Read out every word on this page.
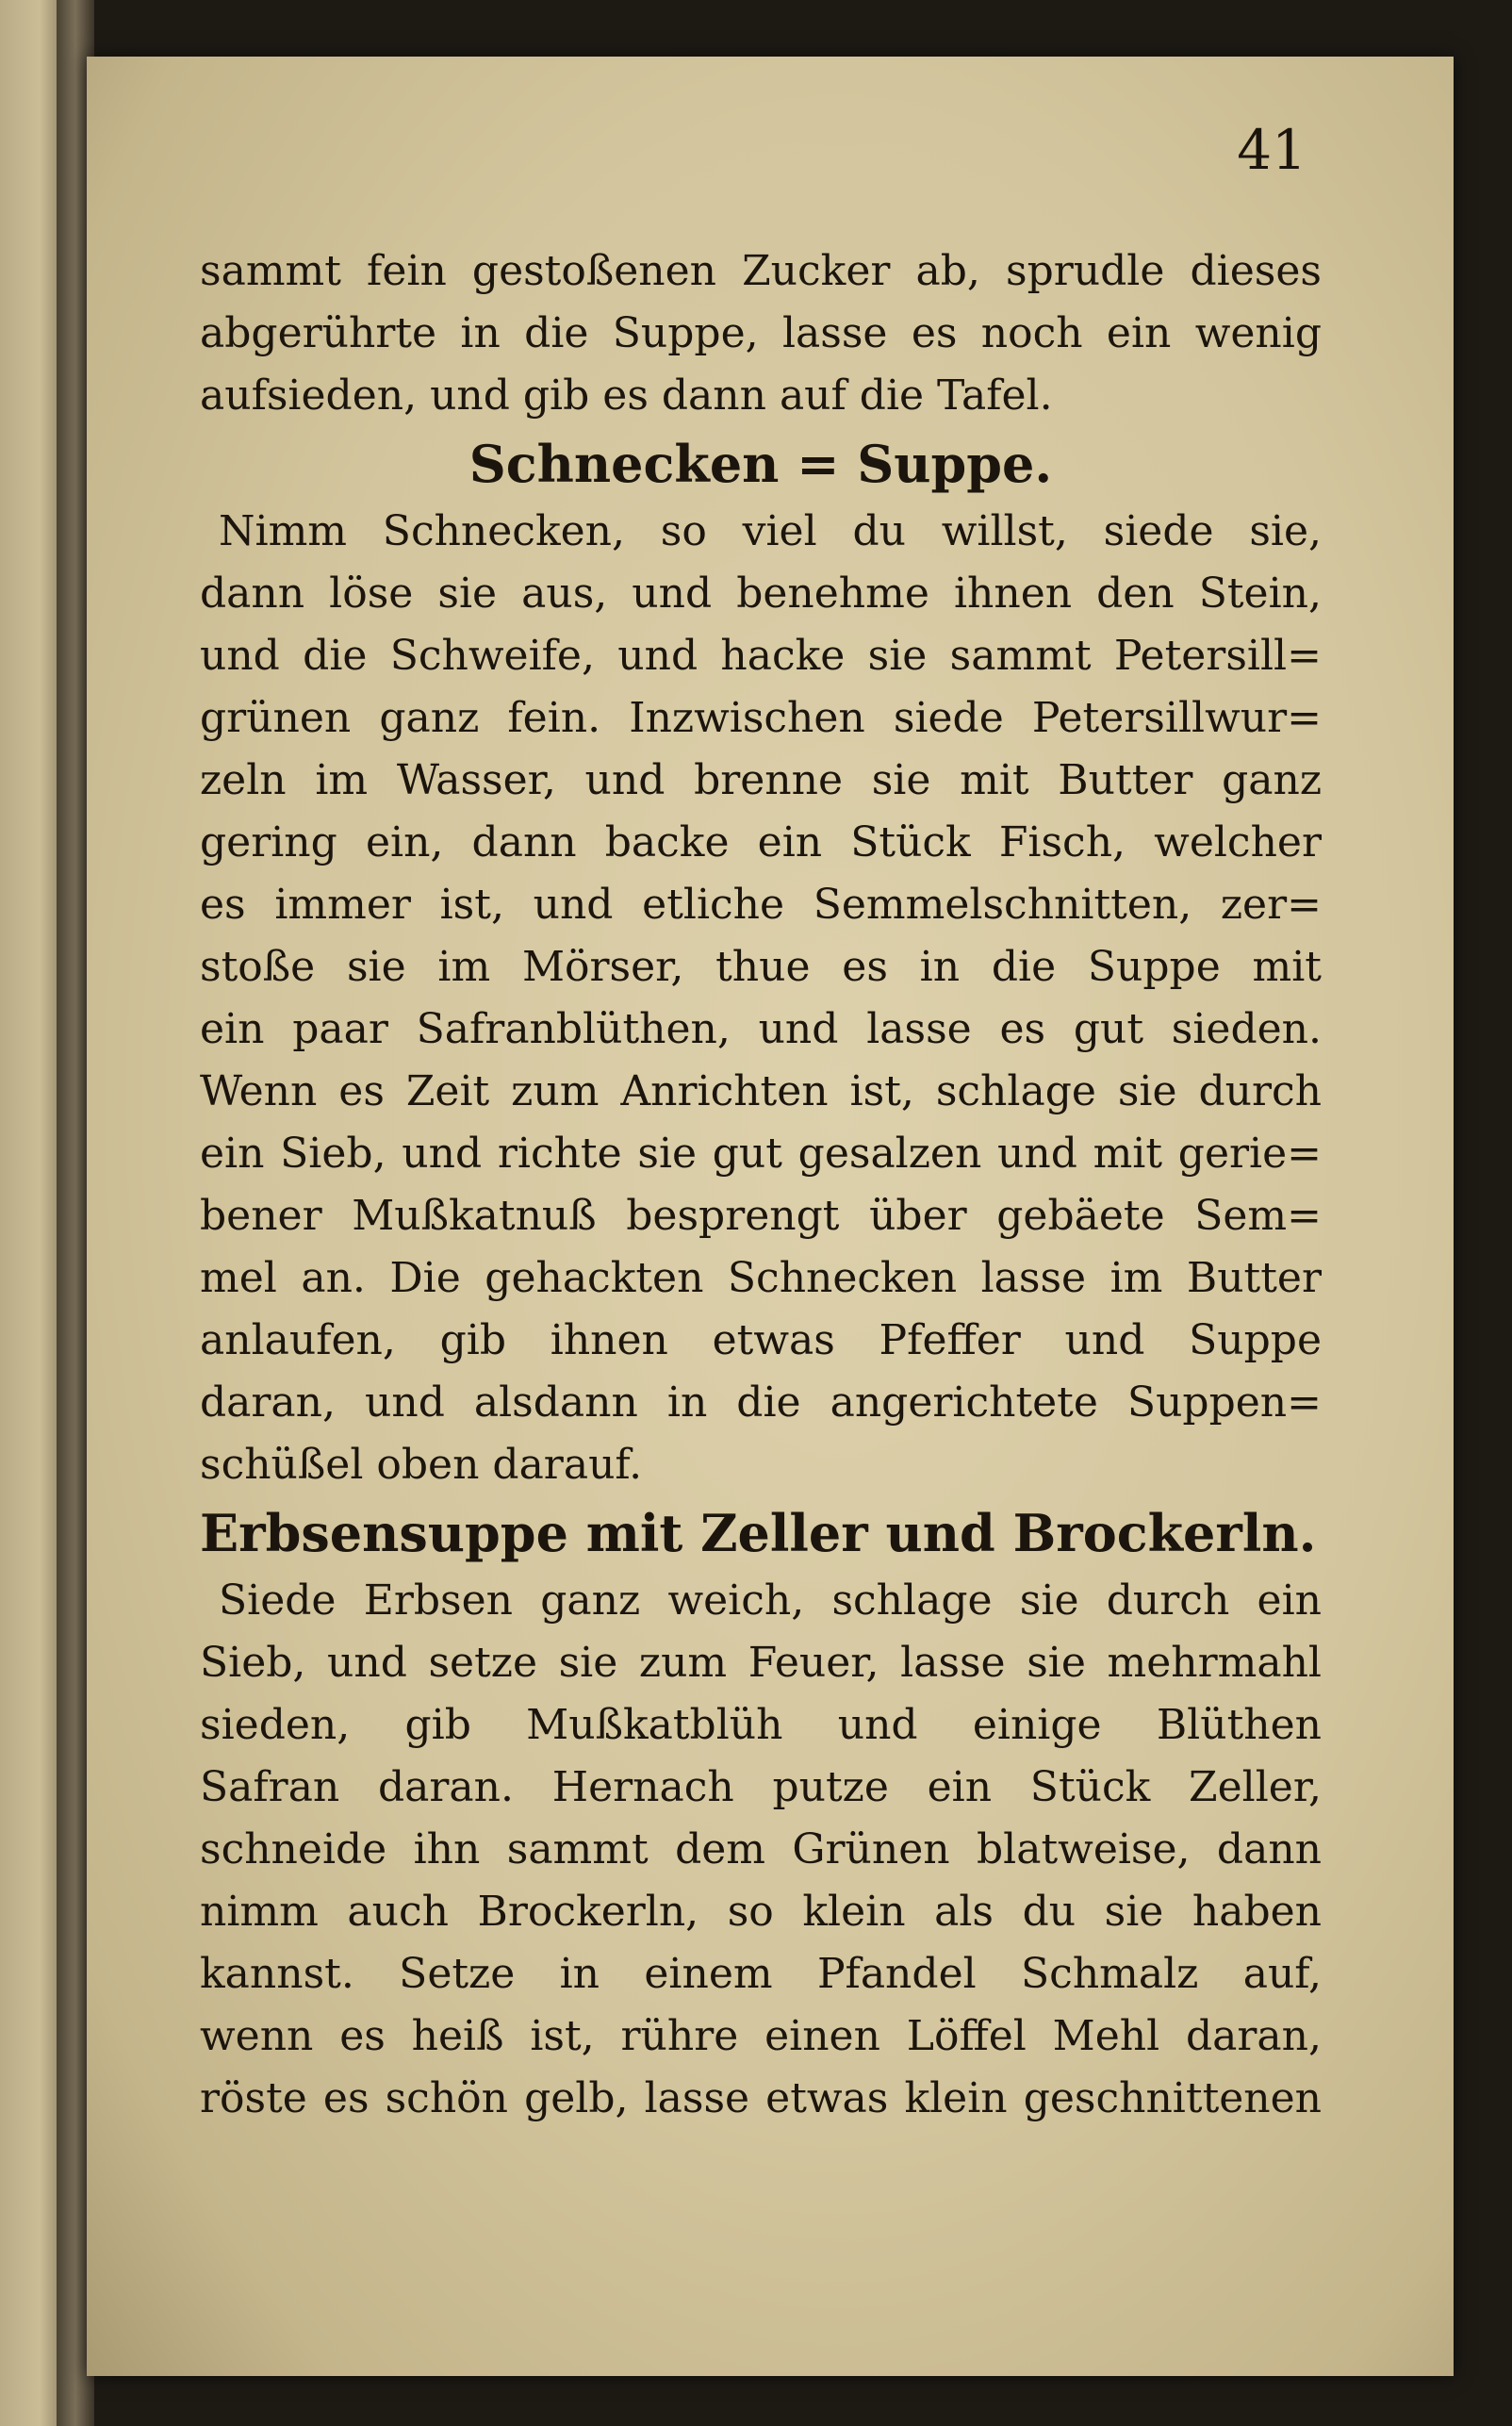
41
sammt fein gestoßenen Zucker ab, sprudle dieses
abgerührte in die Suppe, lasse es noch ein wenig
aufsieden, und gib es dann auf die Tafel.
Schnecken = Suppe.
Nimm Schnecken, so viel du willst, siede sie,
dann löse sie aus, und benehme ihnen den Stein,
und die Schweife, und hacke sie sammt Petersill=
grünen ganz fein. Inzwischen siede Petersillwur=
zeln im Wasser, und brenne sie mit Butter ganz
gering ein, dann backe ein Stück Fisch, welcher
es immer ist, und etliche Semmelschnitten, zer=
stoße sie im Mörser, thue es in die Suppe mit
ein paar Safranblüthen, und lasse es gut sieden.
Wenn es Zeit zum Anrichten ist, schlage sie durch
ein Sieb, und richte sie gut gesalzen und mit gerie=
bener Mußkatnuß besprengt über gebäete Sem=
mel an. Die gehackten Schnecken lasse im Butter
anlaufen, gib ihnen etwas Pfeffer und Suppe
daran, und alsdann in die angerichtete Suppen=
schüßel oben darauf.
Erbsensuppe mit Zeller und Brockerln.
Siede Erbsen ganz weich, schlage sie durch ein
Sieb, und setze sie zum Feuer, lasse sie mehrmahl
sieden, gib Mußkatblüh und einige Blüthen
Safran daran. Hernach putze ein Stück Zeller,
schneide ihn sammt dem Grünen blatweise, dann
nimm auch Brockerln, so klein als du sie haben
kannst. Setze in einem Pfandel Schmalz auf,
wenn es heiß ist, rühre einen Löffel Mehl daran,
röste es schön gelb, lasse etwas klein geschnittenen
